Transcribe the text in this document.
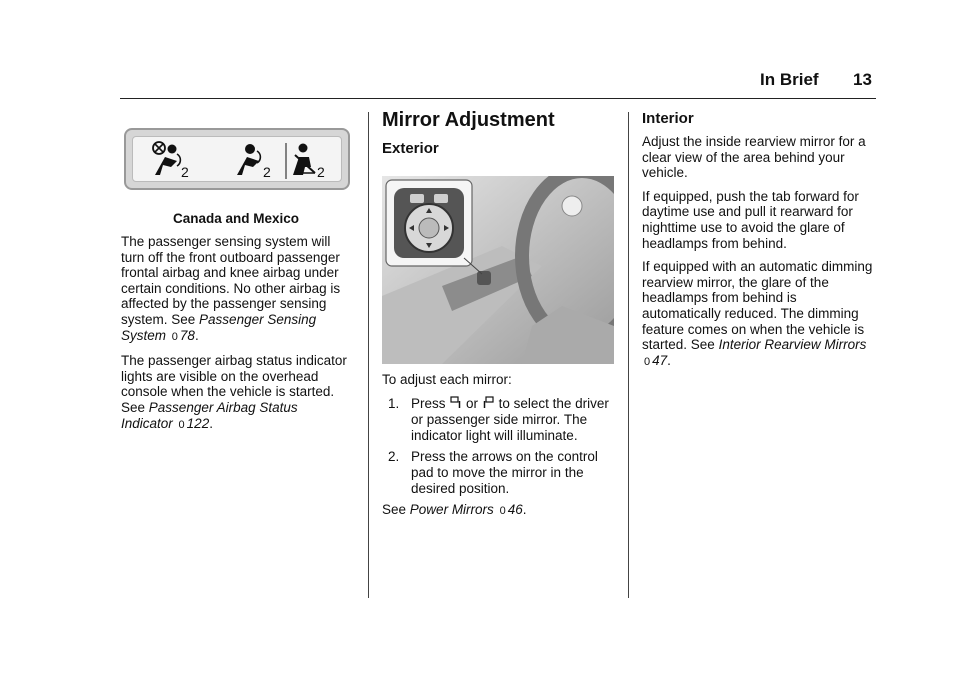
In Brief 13
2	2	2
Canada and Mexico

The passenger sensing system will turn off the front outboard passenger frontal airbag and knee airbag under certain conditions. No other airbag is affected by the passenger sensing system. See Passenger Sensing System 0 78.

The passenger airbag status indicator lights are visible on the overhead console when the vehicle is started. See Passenger Airbag Status Indicator 0 122.

Mirror Adjustment
Exterior

To adjust each mirror:

1. Press or to select the driver or passenger side mirror. The indicator light will illuminate.
2. Press the arrows on the control pad to move the mirror in the desired position.

See Power Mirrors 0 46.

Interior

Adjust the inside rearview mirror for a clear view of the area behind your vehicle.

If equipped, push the tab forward for daytime use and pull it rearward for nighttime use to avoid the glare of headlamps from behind.

If equipped with an automatic dimming rearview mirror, the glare of the headlamps from behind is automatically reduced. The dimming feature comes on when the vehicle is started. See Interior Rearview Mirrors 0 47.
